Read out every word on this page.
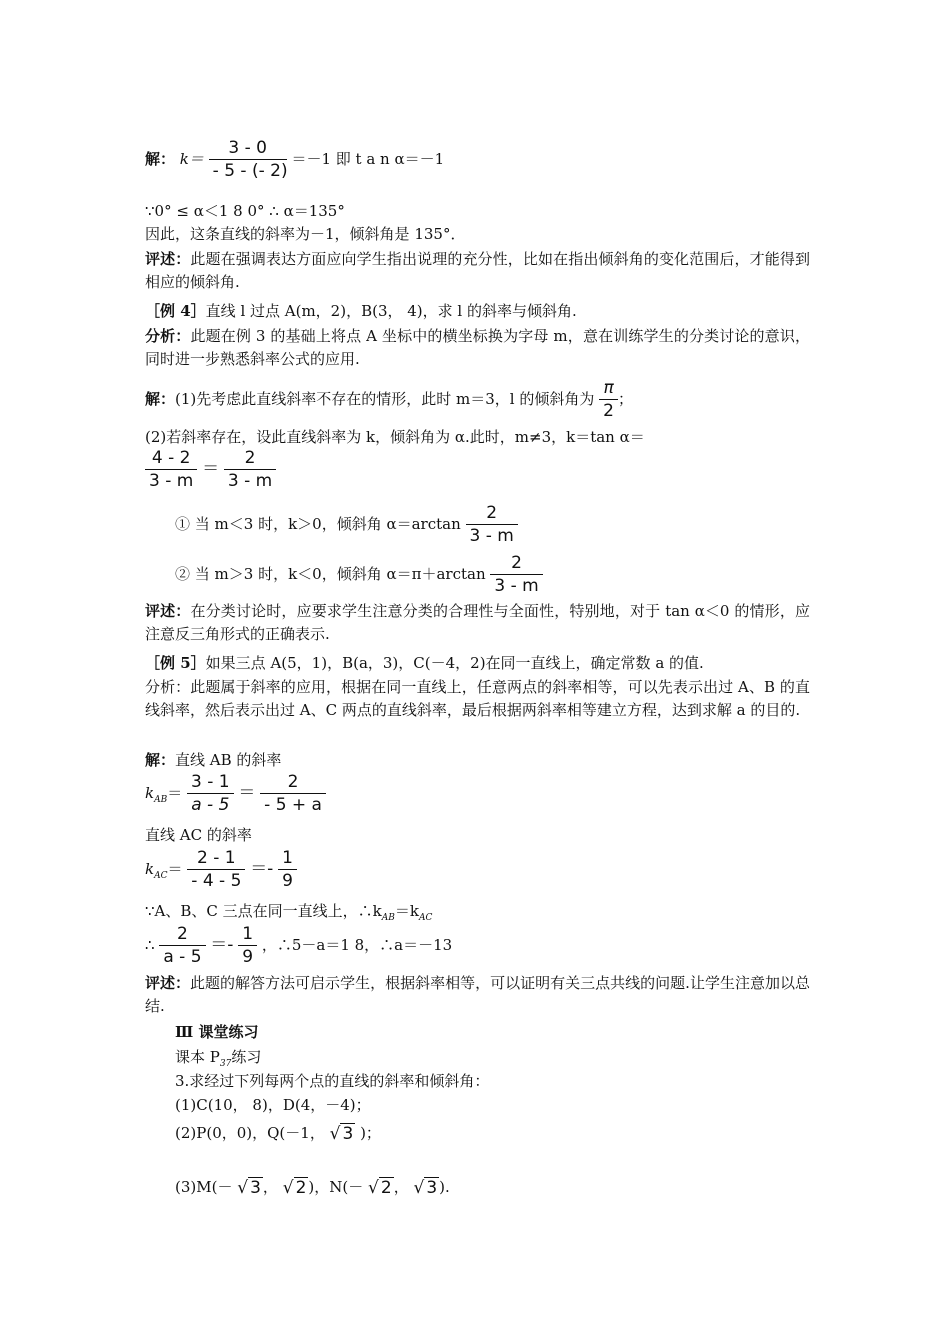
解： $k= \frac{3 - 0}{- 5 - (- 2)} =-1$ 即 t a n α＝－1
∵0° ≤ α＜1 8 0° ∴ α＝135°
因此，这条直线的斜率为－1，倾斜角是 135°．
评述：此题在强调表达方面应向学生指出说理的充分性，比如在指出倾斜角的变化范围后，才能得到相应的倾斜角.
［例 4］直线 l 过点 A(m，2)，B(3， 4)，求 l 的斜率与倾斜角.
分析：此题在例 3 的基础上将点 A 坐标中的横坐标换为字母 m，意在训练学生的分类讨论的意识，同时进一步熟悉斜率公式的应用.
解：(1)先考虑此直线斜率不存在的情形，此时 m＝3，l 的倾斜角为 $\frac{\pi}{2}$ ；
(2)若斜率存在，设此直线斜率为 k，倾斜角为 α.此时，m≠3，k＝tan α＝
$\frac{4 - 2}{3 - m} = \frac{2}{3 - m}$
① 当 m＜3 时，k＞0，倾斜角 $\alpha=\arctan \frac{2}{3 - m}$
② 当 m＞3 时，k＜0，倾斜角 $\alpha=\pi+\arctan \frac{2}{3 - m}$
评述：在分类讨论时，应要求学生注意分类的合理性与全面性，特别地，对于 tan α＜0 的情形，应注意反三角形式的正确表示.
［例 5］如果三点 A(5，1)，B(a，3)，C(－4，2)在同一直线上，确定常数 a 的值.
分析：此题属于斜率的应用，根据在同一直线上，任意两点的斜率相等，可以先表示出过 A、B 的直线斜率，然后表示出过 A、C 两点的直线斜率，最后根据两斜率相等建立方程，达到求解 a 的目的.
解：直线 AB 的斜率
$k_{AB}= \frac{3 - 1}{a - 5} = \frac{2}{- 5 + a}$
直线 AC 的斜率
$k_{AC}= \frac{2 - 1}{- 4 - 5} =- \frac{1}{9}$
∵A、B、C 三点在同一直线上，$\therefore k_{AB}=k_{AC}$
∴ $\frac{2}{a - 5} =- \frac{1}{9}$ ，∴5－a＝1 8，∴a＝－13
评述：此题的解答方法可启示学生，根据斜率相等，可以证明有关三点共线的问题.让学生注意加以总结.
Ⅲ 课堂练习
课本 $P_{37}$练习
3.求经过下列每两个点的直线的斜率和倾斜角：
(1)C(10， 8)，D(4，－4)；
(2)P(0，0)，Q(－1， √ 3 )；
(3)M(－ √ 3 ， √ 2 )，N(－ √ 2 ， √ 3 ).
